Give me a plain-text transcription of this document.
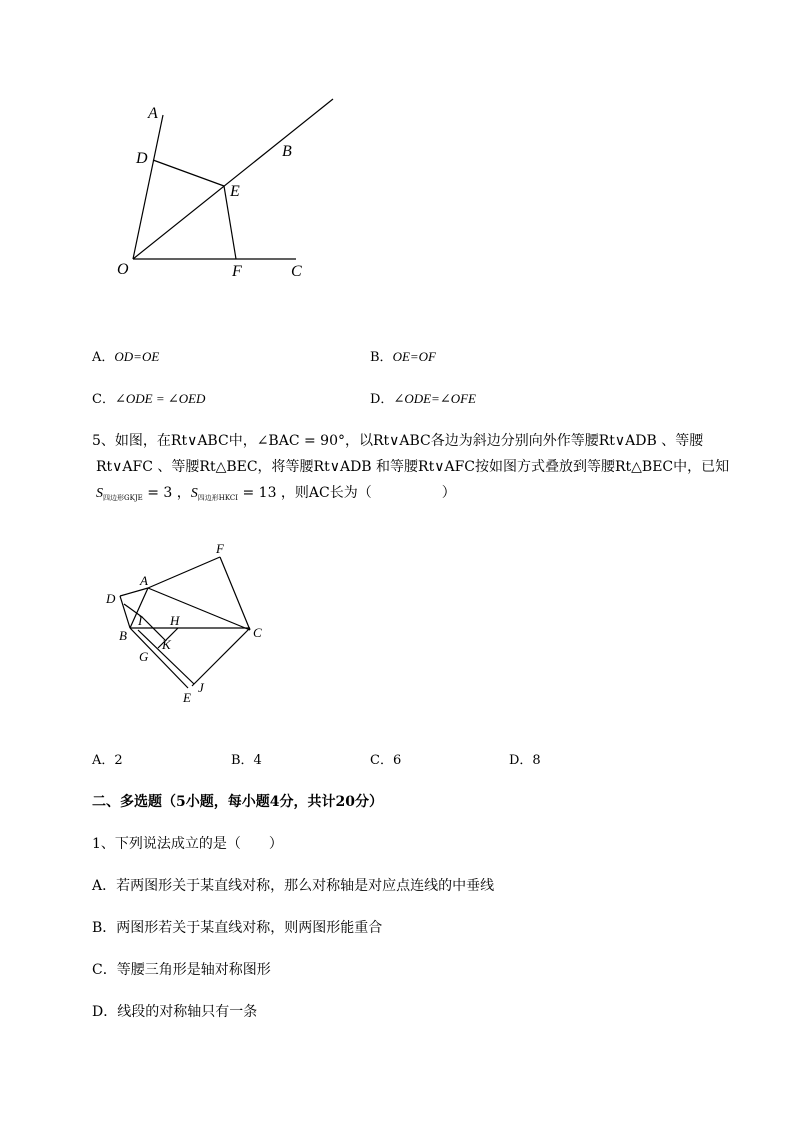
A
B
D
E
O	F	C
A．OD=OE	B．OE=OF
C．∠ODE = ∠OED	D．∠ODE=∠OFE
5、如图，在Rt∨ABC中，∠BAC = 90°，以Rt∨ABC各边为斜边分别向外作等腰Rt∨ADB 、等腰
Rt∨AFC 、等腰Rt△BEC，将等腰Rt∨ADB 和等腰Rt∨AFC按如图方式叠放到等腰Rt△BEC中，已知
$S_{四边形GKJE} = 3$ ，$S_{四边形HKCI} = 13$ ，则AC长为（　　　　　）
F
A
D
I H
B	C
K
G
J
E
A．2	B．4	C．6	D．8
二、多选题（5小题，每小题4分，共计20分）
1、下列说法成立的是（　　）
A．若两图形关于某直线对称，那么对称轴是对应点连线的中垂线
B．两图形若关于某直线对称，则两图形能重合
C．等腰三角形是轴对称图形
D．线段的对称轴只有一条
